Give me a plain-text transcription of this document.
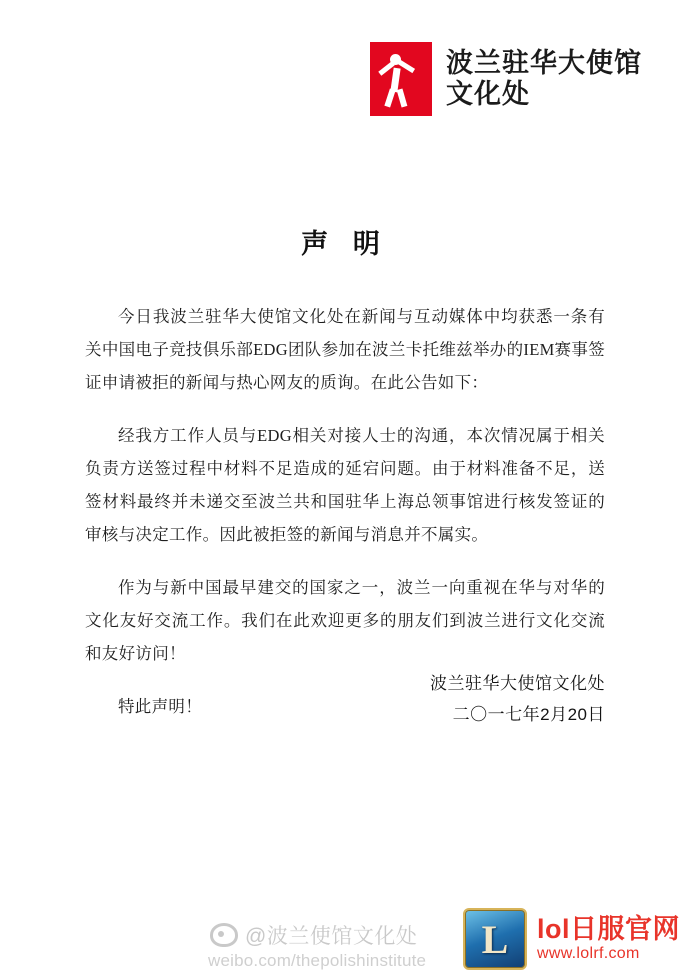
波兰驻华大使馆
文化处
声 明

今日我波兰驻华大使馆文化处在新闻与互动媒体中均获悉一条有关中国电子竞技俱乐部EDG团队参加在波兰卡托维兹举办的IEM赛事签证申请被拒的新闻与热心网友的质询。在此公告如下：

经我方工作人员与EDG相关对接人士的沟通，本次情况属于相关负责方送签过程中材料不足造成的延宕问题。由于材料准备不足，送签材料最终并未递交至波兰共和国驻华上海总领事馆进行核发签证的审核与决定工作。因此被拒签的新闻与消息并不属实。

作为与新中国最早建交的国家之一，波兰一向重视在华与对华的文化友好交流工作。我们在此欢迎更多的朋友们到波兰进行文化交流和友好访问！

特此声明！

波兰驻华大使馆文化处
二〇一七年2月20日
@波兰使馆文化处
weibo.com/thepolishinstitute	L	lol日服官网
www.lolrf.com
